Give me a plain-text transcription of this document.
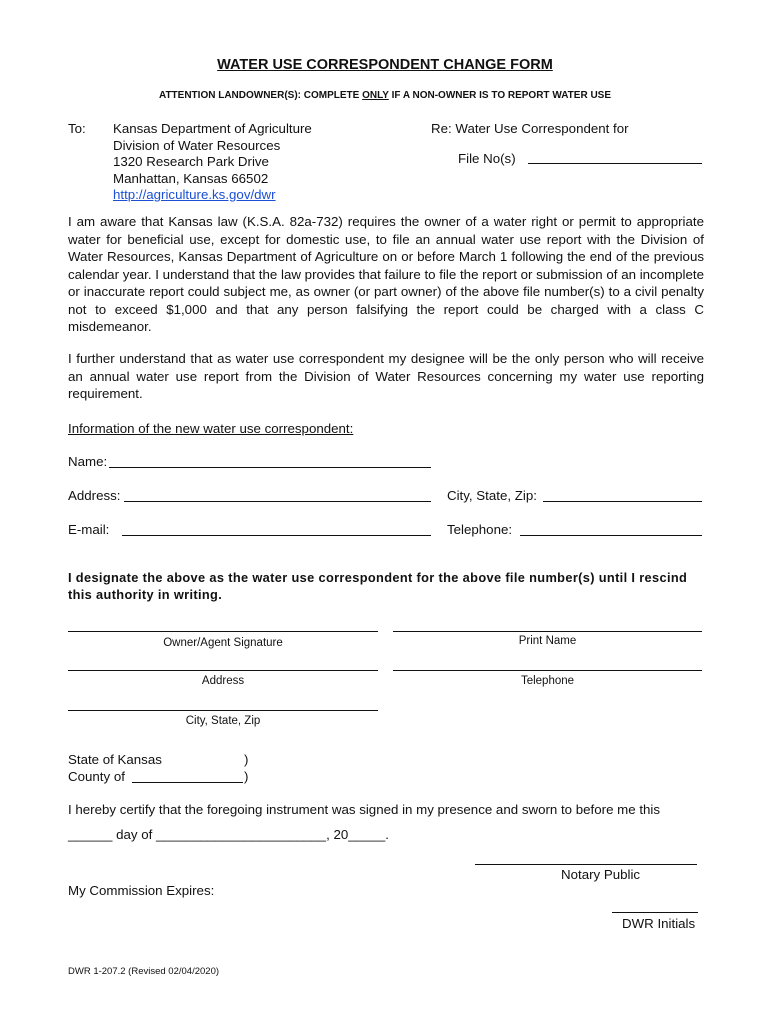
WATER USE CORRESPONDENT CHANGE FORM
ATTENTION LANDOWNER(S): COMPLETE ONLY IF A NON-OWNER IS TO REPORT WATER USE
To: Kansas Department of Agriculture
Division of Water Resources
1320 Research Park Drive
Manhattan, Kansas 66502
http://agriculture.ks.gov/dwr
Re: Water Use Correspondent for
File No(s)
I am aware that Kansas law (K.S.A. 82a-732) requires the owner of a water right or permit to appropriate water for beneficial use, except for domestic use, to file an annual water use report with the Division of Water Resources, Kansas Department of Agriculture on or before March 1 following the end of the previous calendar year. I understand that the law provides that failure to file the report or submission of an incomplete or inaccurate report could subject me, as owner (or part owner) of the above file number(s) to a civil penalty not to exceed $1,000 and that any person falsifying the report could be charged with a class C misdemeanor.
I further understand that as water use correspondent my designee will be the only person who will receive an annual water use report from the Division of Water Resources concerning my water use reporting requirement.
Information of the new water use correspondent:
Name:
Address:	City, State, Zip:
E-mail:	Telephone:
I designate the above as the water use correspondent for the above file number(s) until I rescind this authority in writing.
Owner/Agent Signature	Print Name
Address	Telephone
City, State, Zip
State of Kansas	)
County of	)
I hereby certify that the foregoing instrument was signed in my presence and sworn to before me this
______ day of _______________________, 20_____.
Notary Public
My Commission Expires:
DWR Initials
DWR 1-207.2 (Revised 02/04/2020)
